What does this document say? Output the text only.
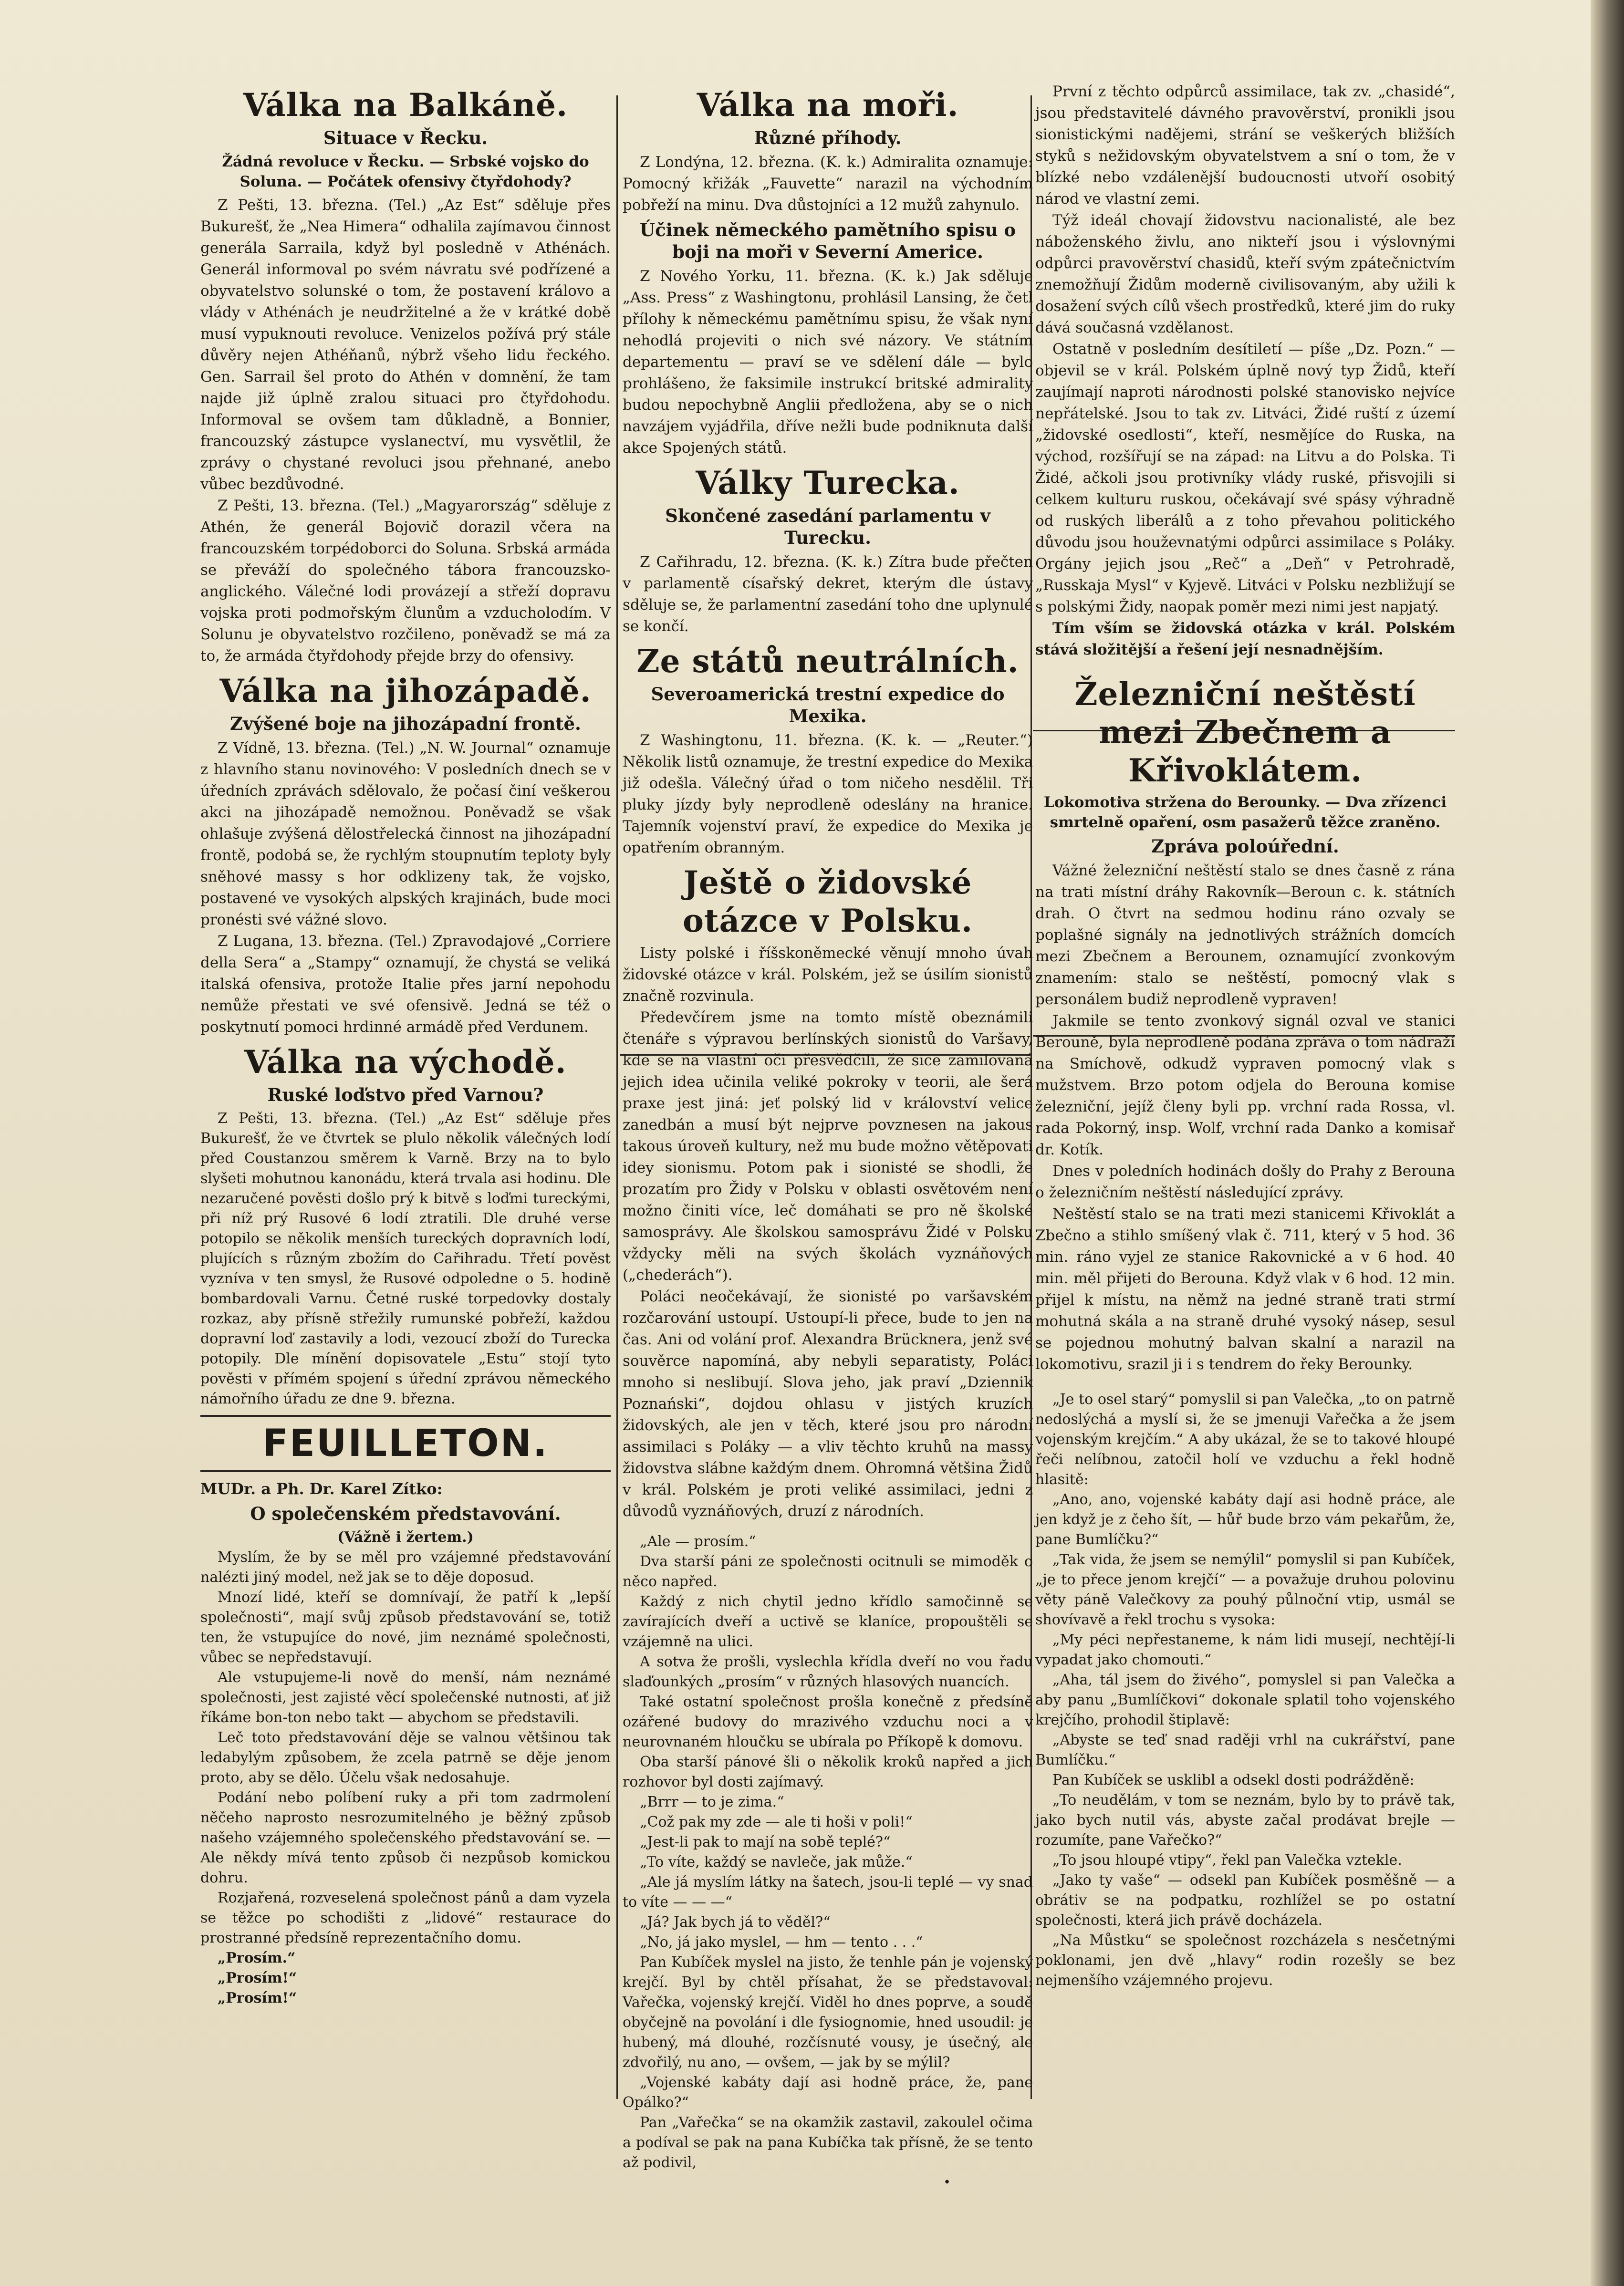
Válka na Balkáně.
Situace v Řecku.
Žádná revoluce v Řecku. — Srbské vojsko do Soluna. — Počátek ofensivy čtyřdohody?

Z Pešti, 13. března. (Tel.) „Az Est“ sděluje přes Bukurešť, že „Nea Himera“ odhalila zajímavou činnost generála Sarraila, když byl posledně v Athénách. Generál informoval po svém návratu své podřízené a obyvatelstvo solunské o tom, že postavení královo a vlády v Athénách je neudržitelné a že v krátké době musí vypuknouti revoluce. Venizelos požívá prý stále důvěry nejen Athéňanů, nýbrž všeho lidu řeckého. Gen. Sarrail šel proto do Athén v domnění, že tam najde již úplně zralou situaci pro čtyřdohodu. Informoval se ovšem tam důkladně, a Bonnier, francouzský zástupce vyslanectví, mu vysvětlil, že zprávy o chystané revoluci jsou přehnané, anebo vůbec bezdůvodné.

Z Pešti, 13. března. (Tel.) „Magyarország“ sděluje z Athén, že generál Bojovič dorazil včera na francouzském torpédoborci do Soluna. Srbská armáda se převáží do společného tábora francouzsko-anglického. Válečné lodi provázejí a střeží dopravu vojska proti podmořským člunům a vzducholodím. V Solunu je obyvatelstvo rozčileno, poněvadž se má za to, že armáda čtyřdohody přejde brzy do ofensivy.

Válka na jihozápadě.
Zvýšené boje na jihozápadní frontě.

Z Vídně, 13. března. (Tel.) „N. W. Journal“ oznamuje z hlavního stanu novinového: V posledních dnech se v úředních zprávách sdělovalo, že počasí činí veškerou akci na jihozápadě nemožnou. Poněvadž se však ohlašuje zvýšená dělostřelecká činnost na jihozápadní frontě, podobá se, že rychlým stoupnutím teploty byly sněhové massy s hor odklizeny tak, že vojsko, postavené ve vysokých alpských krajinách, bude moci pronésti své vážné slovo.

Z Lugana, 13. března. (Tel.) Zpravodajové „Corriere della Sera“ a „Stampy“ oznamují, že chystá se veliká italská ofensiva, protože Italie přes jarní nepohodu nemůže přestati ve své ofensivě. Jedná se též o poskytnutí pomoci hrdinné armádě před Verdunem.

Válka na východě.
Ruské loďstvo před Varnou?

Z Pešti, 13. března. (Tel.) „Az Est“ sděluje přes Bukurešť, že ve čtvrtek se plulo několik válečných lodí před Coustanzou směrem k Varně. Brzy na to bylo slyšeti mohutnou kanonádu, která trvala asi hodinu. Dle nezaručené pověsti došlo prý k bitvě s loďmi tureckými, při níž prý Rusové 6 lodí ztratili. Dle druhé verse potopilo se několik menších tureckých dopravních lodí, plujících s různým zbožím do Cařihradu. Třetí pověst vyzníva v ten smysl, že Rusové odpoledne o 5. hodině bombardovali Varnu. Četné ruské torpedovky dostaly rozkaz, aby přísně střežily rumunské pobřeží, každou dopravní loď zastavily a lodi, vezoucí zboží do Turecka potopily. Dle mínění dopisovatele „Estu“ stojí tyto pověsti v přímém spojení s úřední zprávou německého námořního úřadu ze dne 9. března.

FEUILLETON.
MUDr. a Ph. Dr. Karel Zítko:
O společenském představování.
(Vážně i žertem.)

Myslím, že by se měl pro vzájemné představování nalézti jiný model, než jak se to děje doposud.

Mnozí lidé, kteří se domnívají, že patří k „lepší společnosti“, mají svůj způsob představování se, totiž ten, že vstupujíce do nové, jim neznámé společnosti, vůbec se nepředstavují.

Ale vstupujeme-li nově do menší, nám neznámé společnosti, jest zajisté věcí společenské nutnosti, ať již říkáme bon-ton nebo takt — abychom se představili.

Leč toto představování děje se valnou většinou tak ledabylým způsobem, že zcela patrně se děje jenom proto, aby se dělo. Účelu však nedosahuje.

Podání nebo políbení ruky a při tom zadrmolení něčeho naprosto nesrozumitelného je běžný způsob našeho vzájemného společenského představování se. — Ale někdy mívá tento způsob či nezpůsob komickou dohru.

Rozjařená, rozveselená společnost pánů a dam vyzela se těžce po schodišti z „lidové“ restaurace do prostranné předsíně reprezentačního domu.

„Prosím.“

„Prosím!“

„Prosím!“

Válka na moři.
Různé příhody.

Z Londýna, 12. března. (K. k.) Admiralita oznamuje: Pomocný křižák „Fauvette“ narazil na východním pobřeží na minu. Dva důstojníci a 12 mužů zahynulo.

Účinek německého pamětního spisu o boji na moři v Severní Americe.

Z Nového Yorku, 11. března. (K. k.) Jak sděluje „Ass. Press“ z Washingtonu, prohlásil Lansing, že četl přílohy k německému pamětnímu spisu, že však nyní nehodlá projeviti o nich své názory. Ve státním departementu — praví se ve sdělení dále — bylo prohlášeno, že faksimile instrukcí britské admirality budou nepochybně Anglii předložena, aby se o nich navzájem vyjádřila, dříve nežli bude podniknuta další akce Spojených států.

Války Turecka.
Skončené zasedání parlamentu v Turecku.

Z Cařihradu, 12. března. (K. k.) Zítra bude přečten v parlamentě císařský dekret, kterým dle ústavy sděluje se, že parlamentní zasedání toho dne uplynulé se končí.

Ze států neutrálních.
Severoamerická trestní expedice do Mexika.

Z Washingtonu, 11. března. (K. k. — „Reuter.“) Několik listů oznamuje, že trestní expedice do Mexika již odešla. Válečný úřad o tom ničeho nesdělil. Tři pluky jízdy byly neprodleně odeslány na hranice. Tajemník vojenství praví, že expedice do Mexika je opatřením obranným.

Ještě o židovské otázce v Polsku.

Listy polské i říšskoněmecké věnují mnoho úvah židovské otázce v král. Polském, jež se úsilím sionistů značně rozvinula.

Předevčírem jsme na tomto místě obeznámili čtenáře s výpravou berlínských sionistů do Varšavy, kde se na vlastní oči přesvědčili, že sice zamilovaná jejich idea učinila veliké pokroky v teorii, ale šerá praxe jest jiná: jeť polský lid v království velice zanedbán a musí být nejprve povznesen na jakous takous úroveň kultury, než mu bude možno větěpovati idey sionismu. Potom pak i sionisté se shodli, že prozatím pro Židy v Polsku v oblasti osvětovém není možno činiti více, leč domáhati se pro ně školské samosprávy. Ale školskou samosprávu Židé v Polsku vždycky měli na svých školách vyznáňových („chederách“).

Poláci neočekávají, že sionisté po varšavském rozčarování ustoupí. Ustoupí-li přece, bude to jen na čas. Ani od volání prof. Alexandra Brücknera, jenž své souvěrce napomíná, aby nebyli separatisty, Poláci mnoho si neslibují. Slova jeho, jak praví „Dziennik Poznański“, dojdou ohlasu v jistých kruzích židovských, ale jen v těch, které jsou pro národní assimilaci s Poláky — a vliv těchto kruhů na massy židovstva slábne každým dnem. Ohromná většina Židů v král. Polském je proti veliké assimilaci, jedni z důvodů vyznáňových, druzí z národních.

„Ale — prosím.“

Dva starší páni ze společnosti ocitnuli se mimoděk o něco napřed.

Každý z nich chytil jedno křídlo samočinně se zavírajících dveří a uctivě se klaníce, propouštěli se vzájemně na ulici.

A sotva že prošli, vyslechla křídla dveří no vou řadu slaďounkých „prosím“ v různých hlasových nuancích.

Také ostatní společnost prošla konečně z předsíně ozářené budovy do mrazivého vzduchu noci a v neurovnaném hloučku se ubírala po Příkopě k domovu.

Oba starší pánové šli o několik kroků napřed a jich rozhovor byl dosti zajímavý.

„Brrr — to je zima.“

„Což pak my zde — ale ti hoši v poli!“

„Jest-li pak to mají na sobě teplé?“

„To víte, každý se navleče, jak může.“

„Ale já myslím látky na šatech, jsou-li teplé — vy snad to víte — — —“

„Já? Jak bych já to věděl?“

„No, já jako myslel, — hm — tento . . .“

Pan Kubíček myslel na jisto, že tenhle pán je vojenský krejčí. Byl by chtěl přísahat, že se představoval: Vařečka, vojenský krejčí. Viděl ho dnes poprve, a soudě obyčejně na povolání i dle fysiognomie, hned usoudil: je hubený, má dlouhé, rozčísnuté vousy, je úsečný, ale zdvořilý, nu ano, — ovšem, — jak by se mýlil?

„Vojenské kabáty dají asi hodně práce, že, pane Opálko?“

Pan „Vařečka“ se na okamžik zastavil, zakoulel očima a podíval se pak na pana Kubíčka tak přísně, že se tento až podivil,

První z těchto odpůrců assimilace, tak zv. „chasidé“, jsou představitelé dávného pravověrství, pronikli jsou sionistickými nadějemi, strání se veškerých bližších styků s nežidovským obyvatelstvem a sní o tom, že v blízké nebo vzdálenější budoucnosti utvoří osobitý národ ve vlastní zemi.

Týž ideál chovají židovstvu nacionalisté, ale bez náboženského živlu, ano nikteří jsou i výslovnými odpůrci pravověrství chasidů, kteří svým zpátečnictvím znemožňují Židům moderně civilisovaným, aby užili k dosažení svých cílů všech prostředků, které jim do ruky dává současná vzdělanost.

Ostatně v posledním desítiletí — píše „Dz. Pozn.“ — objevil se v král. Polském úplně nový typ Židů, kteří zaujímají naproti národnosti polské stanovisko nejvíce nepřátelské. Jsou to tak zv. Litváci, Židé ruští z území „židovské osedlosti“, kteří, nesmějíce do Ruska, na východ, rozšířují se na západ: na Litvu a do Polska. Ti Židé, ačkoli jsou protivníky vlády ruské, přisvojili si celkem kulturu ruskou, očekávají své spásy výhradně od ruských liberálů a z toho převahou politického důvodu jsou houževnatými odpůrci assimilace s Poláky. Orgány jejich jsou „Reč“ a „Deň“ v Petrohradě, „Russkaja Mysl“ v Kyjevě. Litváci v Polsku nezbližují se s polskými Židy, naopak poměr mezi nimi jest napjatý.

Tím vším se židovská otázka v král. Polském stává složitější a řešení její nesnadnějším.

Železniční neštěstí mezi Zbečnem a Křivoklátem.
Lokomotiva stržena do Berounky. — Dva zřízenci smrtelně opaření, osm pasažerů těžce zraněno.
Zpráva poloúřední.

Vážné železniční neštěstí stalo se dnes časně z rána na trati místní dráhy Rakovník—Beroun c. k. státních drah. O čtvrt na sedmou hodinu ráno ozvaly se poplašné signály na jednotlivých strážních domcích mezi Zbečnem a Berounem, oznamující zvonkovým znamením: stalo se neštěstí, pomocný vlak s personálem budiž neprodleně vypraven!

Jakmile se tento zvonkový signál ozval ve stanici Berouně, byla neprodleně podána zpráva o tom nádraží na Smíchově, odkudž vypraven pomocný vlak s mužstvem. Brzo potom odjela do Berouna komise železniční, jejíž členy byli pp. vrchní rada Rossa, vl. rada Pokorný, insp. Wolf, vrchní rada Danko a komisař dr. Kotík.

Dnes v poledních hodinách došly do Prahy z Berouna o železničním neštěstí následující zprávy.

Neštěstí stalo se na trati mezi stanicemi Křivoklát a Zbečno a stihlo smíšený vlak č. 711, který v 5 hod. 36 min. ráno vyjel ze stanice Rakovnické a v 6 hod. 40 min. měl přijeti do Berouna. Když vlak v 6 hod. 12 min. přijel k místu, na němž na jedné straně trati strmí mohutná skála a na straně druhé vysoký násep, sesul se pojednou mohutný balvan skalní a narazil na lokomotivu, srazil ji i s tendrem do řeky Berounky.

„Je to osel starý“ pomyslil si pan Valečka, „to on patrně nedoslýchá a myslí si, že se jmenuji Vařečka a že jsem vojenským krejčím.“ A aby ukázal, že se to takové hloupé řeči nelíbnou, zatočil holí ve vzduchu a řekl hodně hlasitě:

„Ano, ano, vojenské kabáty dají asi hodně práce, ale jen když je z čeho šít, — hůř bude brzo vám pekařům, že, pane Bumlíčku?“

„Tak vida, že jsem se nemýlil“ pomyslil si pan Kubíček, „je to přece jenom krejčí“ — a považuje druhou polovinu věty páně Valečkovy za pouhý půlnoční vtip, usmál se shovívavě a řekl trochu s vysoka:

„My péci nepřestaneme, k nám lidi musejí, nechtějí-li vypadat jako chomouti.“

„Aha, tál jsem do živého“, pomyslel si pan Valečka a aby panu „Bumlíčkovi“ dokonale splatil toho vojenského krejčího, prohodil štiplavě:

„Abyste se teď snad raději vrhl na cukrářství, pane Bumlíčku.“

Pan Kubíček se usklibl a odsekl dosti podrážděně:

„To neudělám, v tom se neznám, bylo by to právě tak, jako bych nutil vás, abyste začal prodávat brejle — rozumíte, pane Vařečko?“

„To jsou hloupé vtipy“, řekl pan Valečka vztekle.

„Jako ty vaše“ — odsekl pan Kubíček posměšně — a obrátiv se na podpatku, rozhlížel se po ostatní společnosti, která jich právě docházela.

„Na Můstku“ se společnost rozcházela s nesčetnými poklonami, jen dvě „hlavy“ rodin rozešly se bez nejmenšího vzájemného projevu.

•
